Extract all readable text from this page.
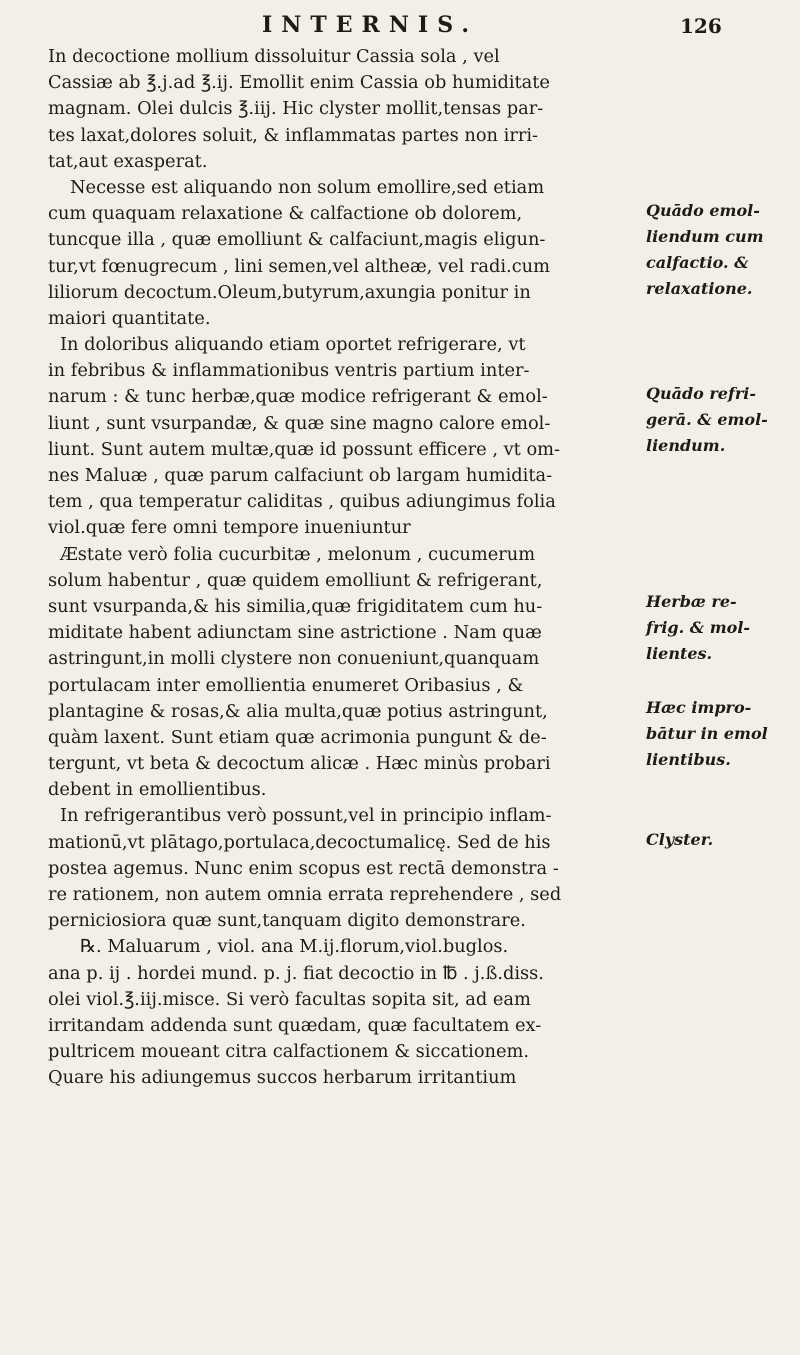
INTERNIS.	126
In decoctione mollium dissoluitur Cassia sola , vel
Cassiæ ab ℥.j.ad ℥.ij. Emollit enim Cassia ob humiditate
magnam. Olei dulcis ℥.iij. Hic clyster mollit,tensas par-
tes laxat,dolores soluit, & inflammatas partes non irri-
tat,aut exasperat.
Necesse est aliquando non solum emollire,sed etiam
cum quaquam relaxatione & calfactione ob dolorem,
tuncque illa , quæ emolliunt & calfaciunt,magis eligun-
tur,vt fœnugrecum , lini semen,vel altheæ, vel radi.cum
liliorum decoctum.Oleum,butyrum,axungia ponitur in
maiori quantitate.
In doloribus aliquando etiam oportet refrigerare, vt
in febribus & inflammationibus ventris partium inter-
narum : & tunc herbæ,quæ modice refrigerant & emol-
liunt , sunt vsurpandæ, & quæ sine magno calore emol-
liunt. Sunt autem multæ,quæ id possunt efficere , vt om-
nes Maluæ , quæ parum calfaciunt ob largam humidita-
tem , qua temperatur caliditas , quibus adiungimus folia
viol.quæ fere omni tempore inueniuntur
Æstate verò folia cucurbitæ , melonum , cucumerum
solum habentur , quæ quidem emolliunt & refrigerant,
sunt vsurpanda,& his similia,quæ frigiditatem cum hu-
miditate habent adiunctam sine astrictione . Nam quæ
astringunt,in molli clystere non conueniunt,quanquam
portulacam inter emollientia enumeret Oribasius , &
plantagine & rosas,& alia multa,quæ potius astringunt,
quàm laxent. Sunt etiam quæ acrimonia pungunt & de-
tergunt, vt beta & decoctum alicæ . Hæc minùs probari
debent in emollientibus.
In refrigerantibus verò possunt,vel in principio inflam-
mationū,vt plātago,portulaca,decoctumalicę. Sed de his
postea agemus. Nunc enim scopus est rectā demonstra -
re rationem, non autem omnia errata reprehendere , sed
perniciosiora quæ sunt,tanquam digito demonstrare.
℞. Maluarum , viol. ana M.ij.florum,viol.buglos.
ana p. ij . hordei mund. p. j. fiat decoctio in ℔ . j.ß.diss.
olei viol.℥.iij.misce. Si verò facultas sopita sit, ad eam
irritandam addenda sunt quædam, quæ facultatem ex-
pultricem moueant citra calfactionem & siccationem.
Quare his adiungemus succos herbarum irritantium
Quādo emol-
liendum cum
calfactio. &
relaxatione.
Quādo refri-
gerā. & emol-
liendum.
Herbæ re-
frig. & mol-
lientes.
Hæc impro-
bātur in emol
lientibus.
Clyster.
